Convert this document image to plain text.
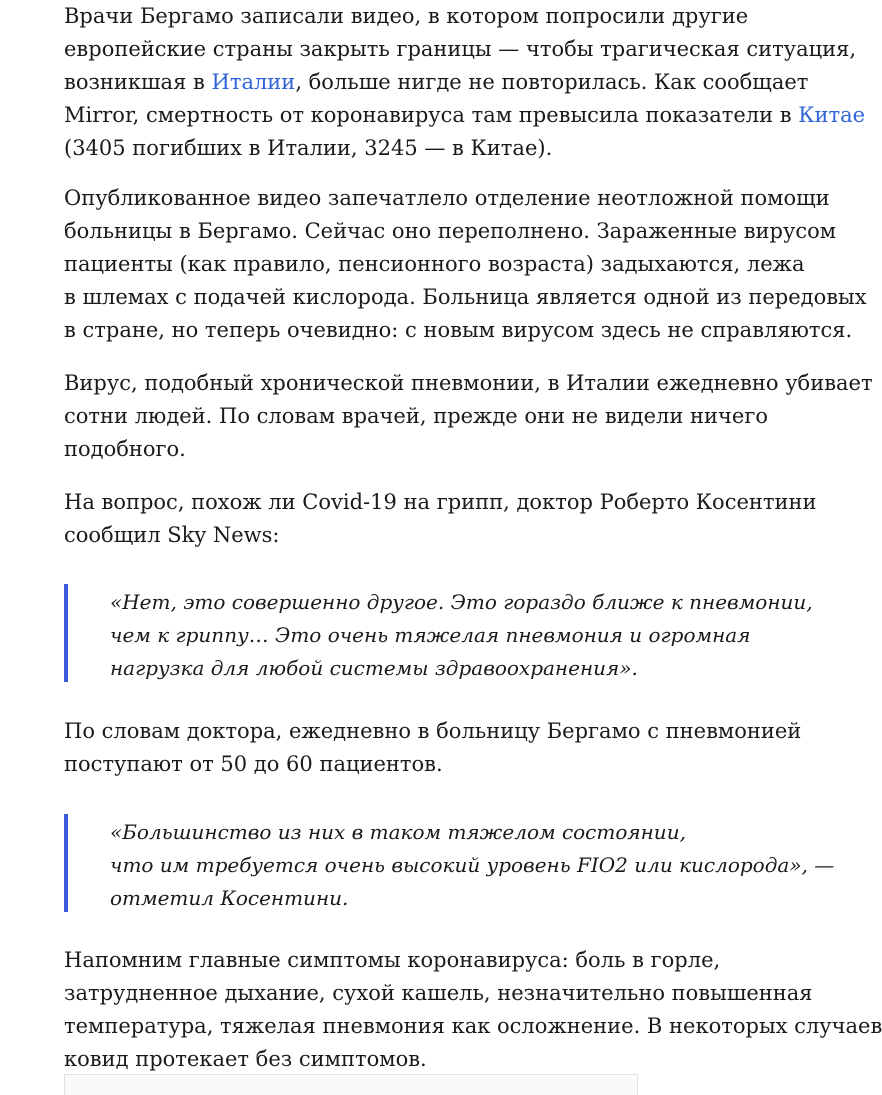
Врачи Бергамо записали видео, в котором попросили другие
европейские страны закрыть границы — чтобы трагическая ситуация,
возникшая в Италии, больше нигде не повторилась. Как сообщает
Mirror, смертность от коронавируса там превысила показатели в Китае
(3405 погибших в Италии, 3245 — в Китае).

Опубликованное видео запечатлело отделение неотложной помощи
больницы в Бергамо. Сейчас оно переполнено. Зараженные вирусом
пациенты (как правило, пенсионного возраста) задыхаются, лежа
в шлемах с подачей кислорода. Больница является одной из передовых
в стране, но теперь очевидно: с новым вирусом здесь не справляются.

Вирус, подобный хронической пневмонии, в Италии ежедневно убивает
сотни людей. По словам врачей, прежде они не видели ничего
подобного.

На вопрос, похож ли Covid-19 на грипп, доктор Роберто Косентини
сообщил Sky News:

«Нет, это совершенно другое. Это гораздо ближе к пневмонии,
чем к гриппу… Это очень тяжелая пневмония и огромная
нагрузка для любой системы здравоохранения».

По словам доктора, ежедневно в больницу Бергамо с пневмонией
поступают от 50 до 60 пациентов.

«Большинство из них в таком тяжелом состоянии,
что им требуется очень высокий уровень FIO2 или кислорода», —
отметил Косентини.

Напомним главные симптомы коронавируса: боль в горле,
затрудненное дыхание, сухой кашель, незначительно повышенная
температура, тяжелая пневмония как осложнение. В некоторых случаев
ковид протекает без симптомов.
